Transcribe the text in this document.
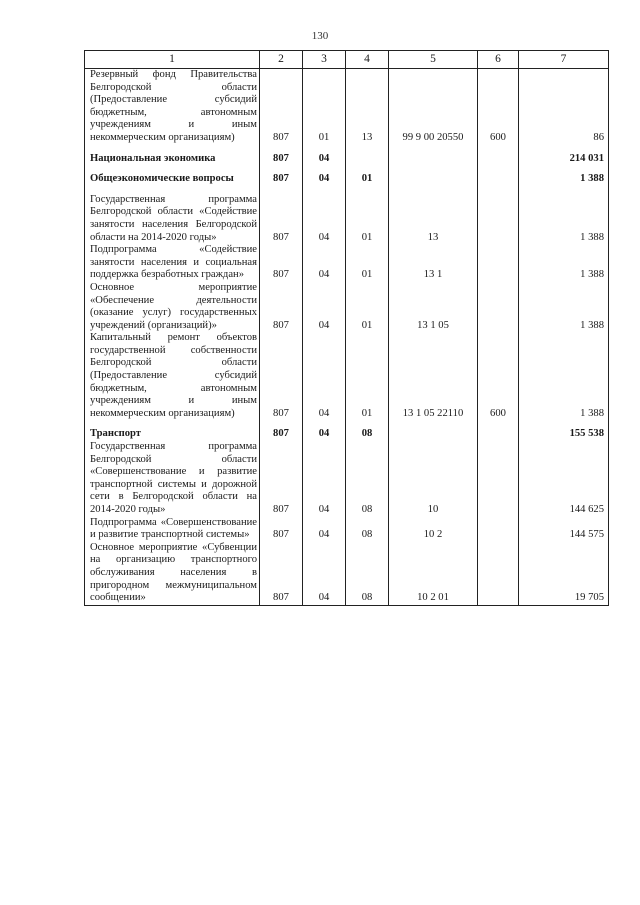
130
1	2	3	4	5	6	7
Резервный фонд Правительства Белгородской области (Предоставление субсидий бюджетным, автономным учреждениям и иным некоммерческим организациям)	807	01	13	99 9 00 20550	600	86
Национальная экономика	807	04				214 031
Общеэкономические вопросы	807	04	01			1 388
Государственная программа Белгородской области «Содействие занятости населения Белгородской области на 2014-2020 годы»	807	04	01	13		1 388
Подпрограмма «Содействие занятости населения и социальная поддержка безработных граждан»	807	04	01	13 1		1 388
Основное мероприятие «Обеспечение деятельности (оказание услуг) государственных учреждений (организаций)»	807	04	01	13 1 05		1 388
Капитальный ремонт объектов государственной собственности Белгородской области (Предоставление субсидий бюджетным, автономным учреждениям и иным некоммерческим организациям)	807	04	01	13 1 05 22110	600	1 388
Транспорт	807	04	08			155 538
Государственная программа Белгородской области «Совершенствование и развитие транспортной системы и дорожной сети в Белгородской области на 2014-2020 годы»	807	04	08	10		144 625
Подпрограмма «Совершенствование и развитие транспортной системы»	807	04	08	10 2		144 575
Основное мероприятие «Субвенции на организацию транспортного обслуживания населения в пригородном межмуниципальном сообщении»	807	04	08	10 2 01		19 705
